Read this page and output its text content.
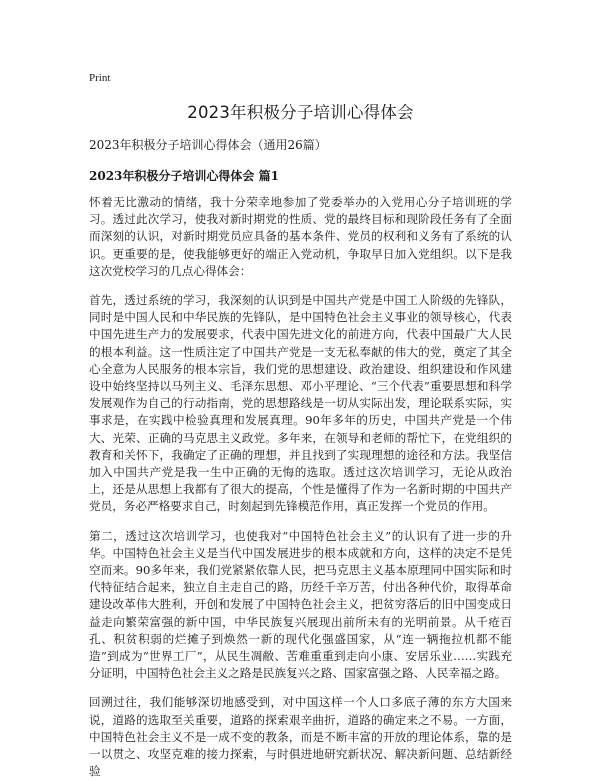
Print
2023年积极分子培训心得体会
2023年积极分子培训心得体会（通用26篇）
2023年积极分子培训心得体会 篇1

怀着无比激动的情绪，我十分荣幸地参加了党委举办的入党用心分子培训班的学习。透过此次学习，使我对新时期党的性质、党的最终目标和现阶段任务有了全面而深刻的认识，对新时期党员应具备的基本条件、党员的权利和义务有了系统的认识。更重要的是，使我能够更好的端正入党动机，争取早日加入党组织。以下是我这次党校学习的几点心得体会：

首先，透过系统的学习，我深刻的认识到是中国共产党是中国工人阶级的先锋队，同时是中国人民和中华民族的先锋队，是中国特色社会主义事业的领导核心，代表中国先进生产力的发展要求，代表中国先进文化的前进方向，代表中国最广大人民的根本利益。这一性质注定了中国共产党是一支无私奉献的伟大的党，奠定了其全心全意为人民服务的根本宗旨，我们党的思想建设、政治建设、组织建设和作风建设中始终坚持以马列主义、毛泽东思想、邓小平理论、“三个代表”重要思想和科学发展观作为自己的行动指南，党的思想路线是一切从实际出发，理论联系实际，实事求是，在实践中检验真理和发展真理。90年多年的历史，中国共产党是一个伟大、光荣、正确的马克思主义政党。多年来，在领导和老师的帮忙下，在党组织的教育和关怀下，我确定了正确的理想，并且找到了实现理想的途径和方法。我坚信加入中国共产党是我一生中正确的无悔的选取。透过这次培训学习，无论从政治上，还是从思想上我都有了很大的提高，个性是懂得了作为一名新时期的中国共产党员，务必严格要求自己，时刻起到先锋模范作用，真正发挥一个党员的作用。

第二，透过这次培训学习，也使我对“中国特色社会主义”的认识有了进一步的升华。中国特色社会主义是当代中国发展进步的根本成就和方向，这样的决定不是凭空而来。90多年来，我们党紧紧依靠人民，把马克思主义基本原理同中国实际和时代特征结合起来，独立自主走自己的路，历经千辛万苦，付出各种代价，取得革命建设改革伟大胜利，开创和发展了中国特色社会主义，把贫穷落后的旧中国变成日益走向繁荣富强的新中国，中华民族复兴展现出前所未有的光明前景。从千疮百孔、积贫积弱的烂摊子到焕然一新的现代化强盛国家，从“连一辆拖拉机都不能造”到成为“世界工厂”，从民生凋敝、苦难重重到走向小康、安居乐业……实践充分证明，中国特色社会主义之路是民族复兴之路、国家富强之路、人民幸福之路。

回溯过往，我们能够深切地感受到，对中国这样一个人口多底子薄的东方大国来说，道路的选取至关重要，道路的探索艰辛曲折，道路的确定来之不易。一方面，中国特色社会主义不是一成不变的教条，而是不断丰富的开放的理论体系，靠的是一以贯之、攻坚克难的接力探索，与时俱进地研究新状况、解决新问题、总结新经验
